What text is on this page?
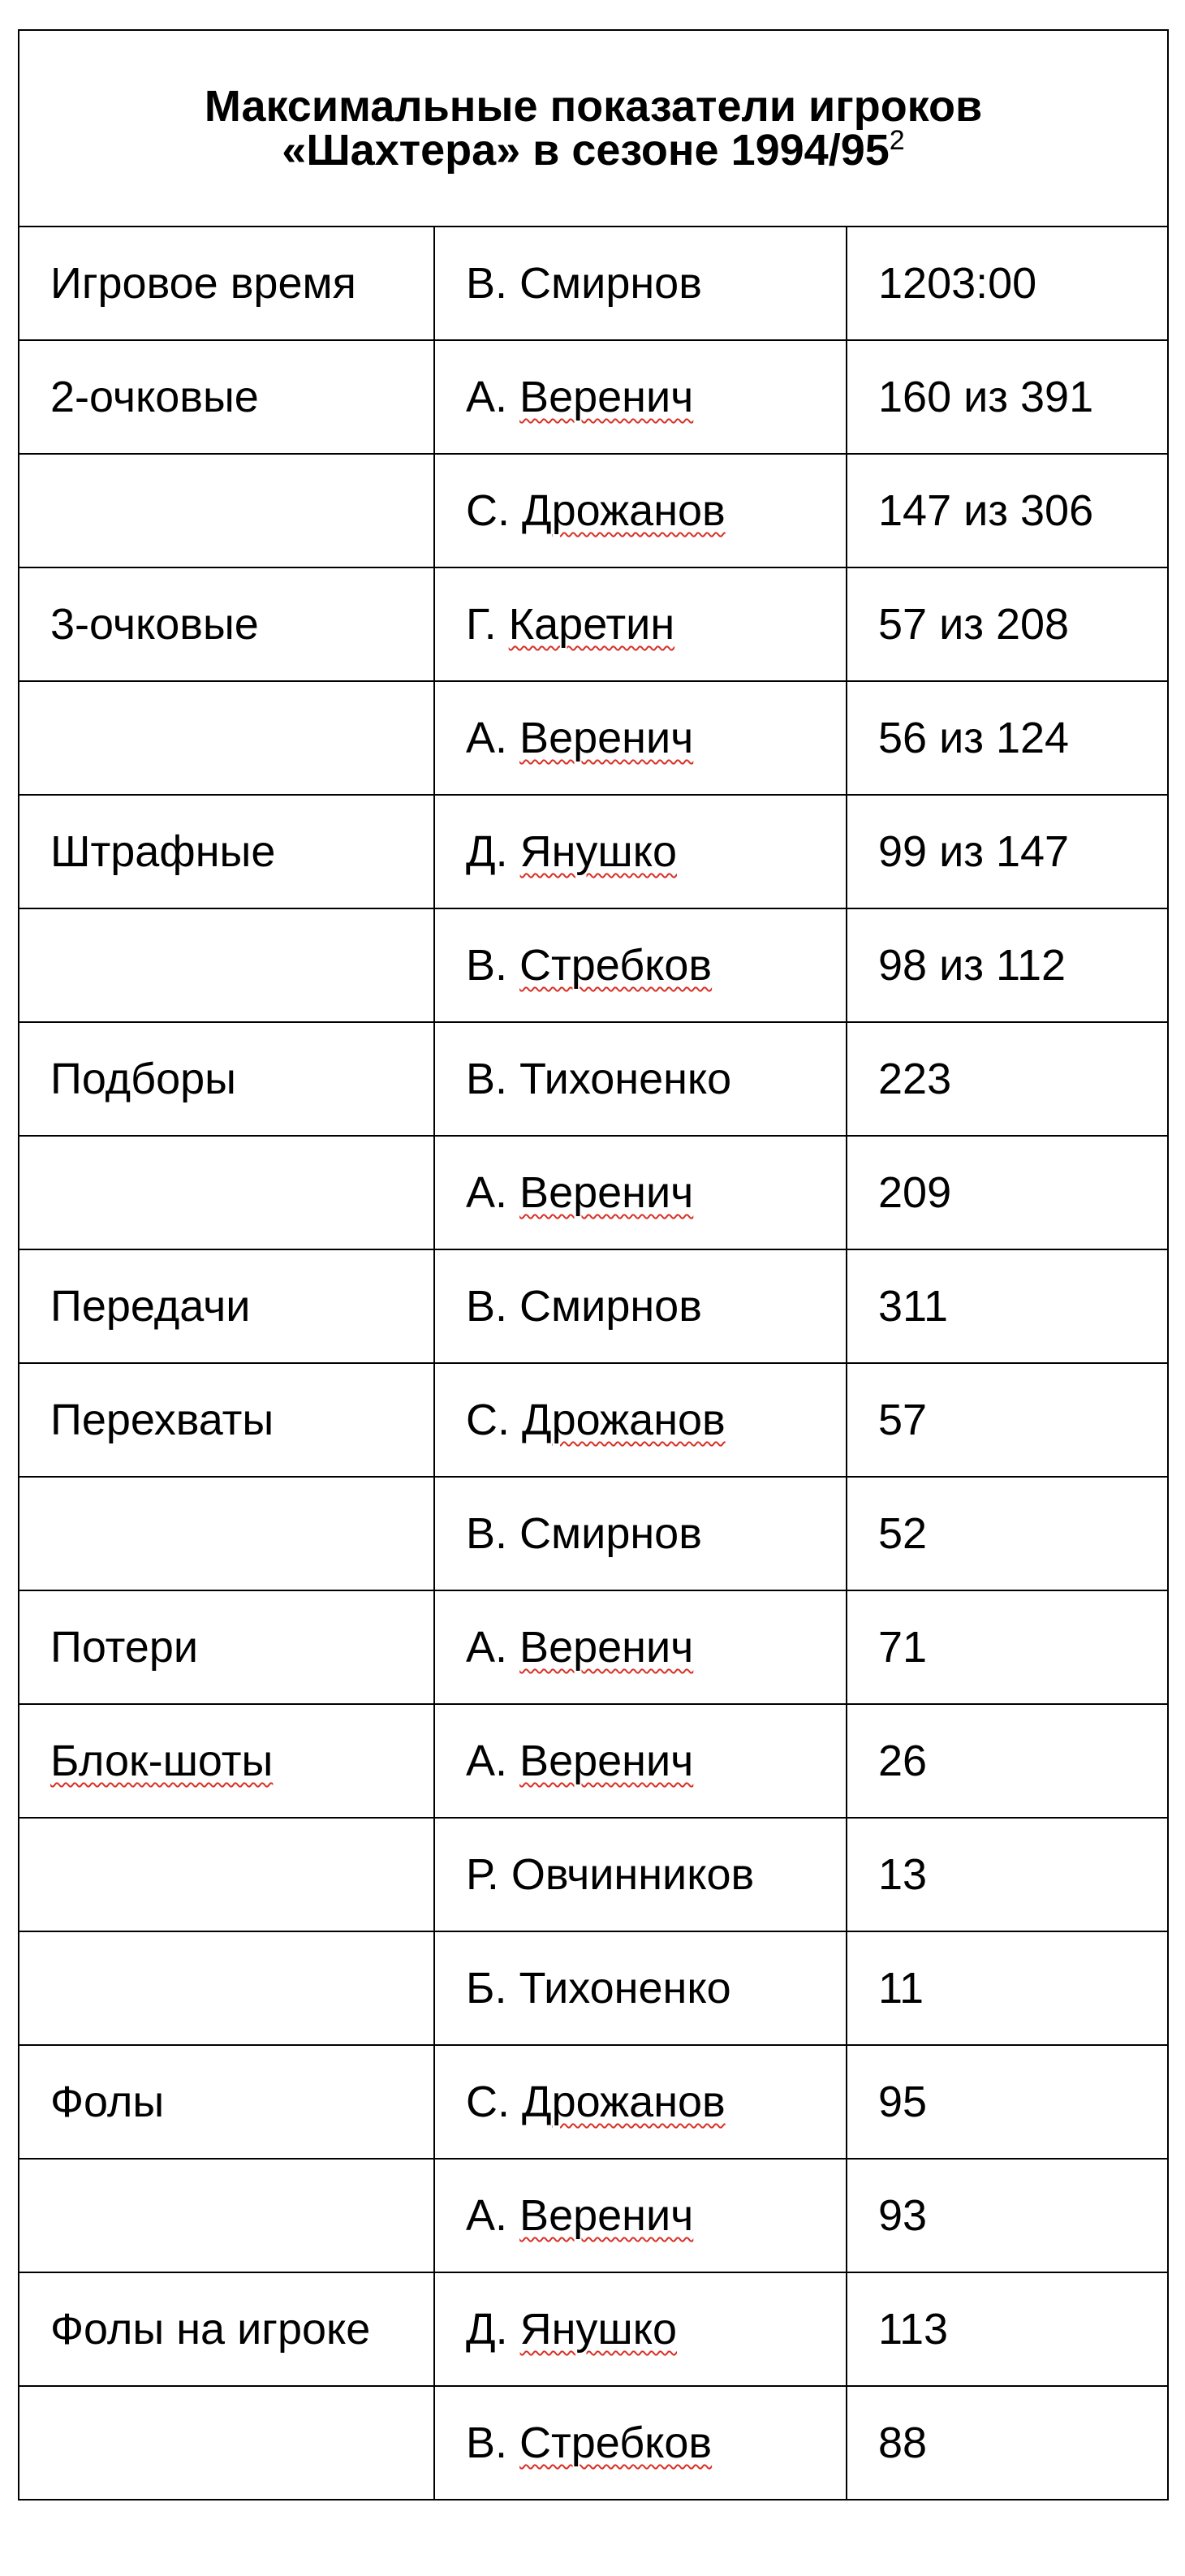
Максимальные показатели игроков
«Шахтера» в сезоне 1994/95$^2$

Игровое время	В. Смирнов	1203:00
2-очковые	А. Веренич	160 из 391
	С. Дрожанов	147 из 306
3-очковые	Г. Каретин	57 из 208
	А. Веренич	56 из 124
Штрафные	Д. Янушко	99 из 147
	В. Стребков	98 из 112
Подборы	В. Тихоненко	223
	А. Веренич	209
Передачи	В. Смирнов	311
Перехваты	С. Дрожанов	57
	В. Смирнов	52
Потери	А. Веренич	71
Блок-шоты	А. Веренич	26
	Р. Овчинников	13
	Б. Тихоненко	11
Фолы	С. Дрожанов	95
	А. Веренич	93
Фолы на игроке	Д. Янушко	113
	В. Стребков	88
